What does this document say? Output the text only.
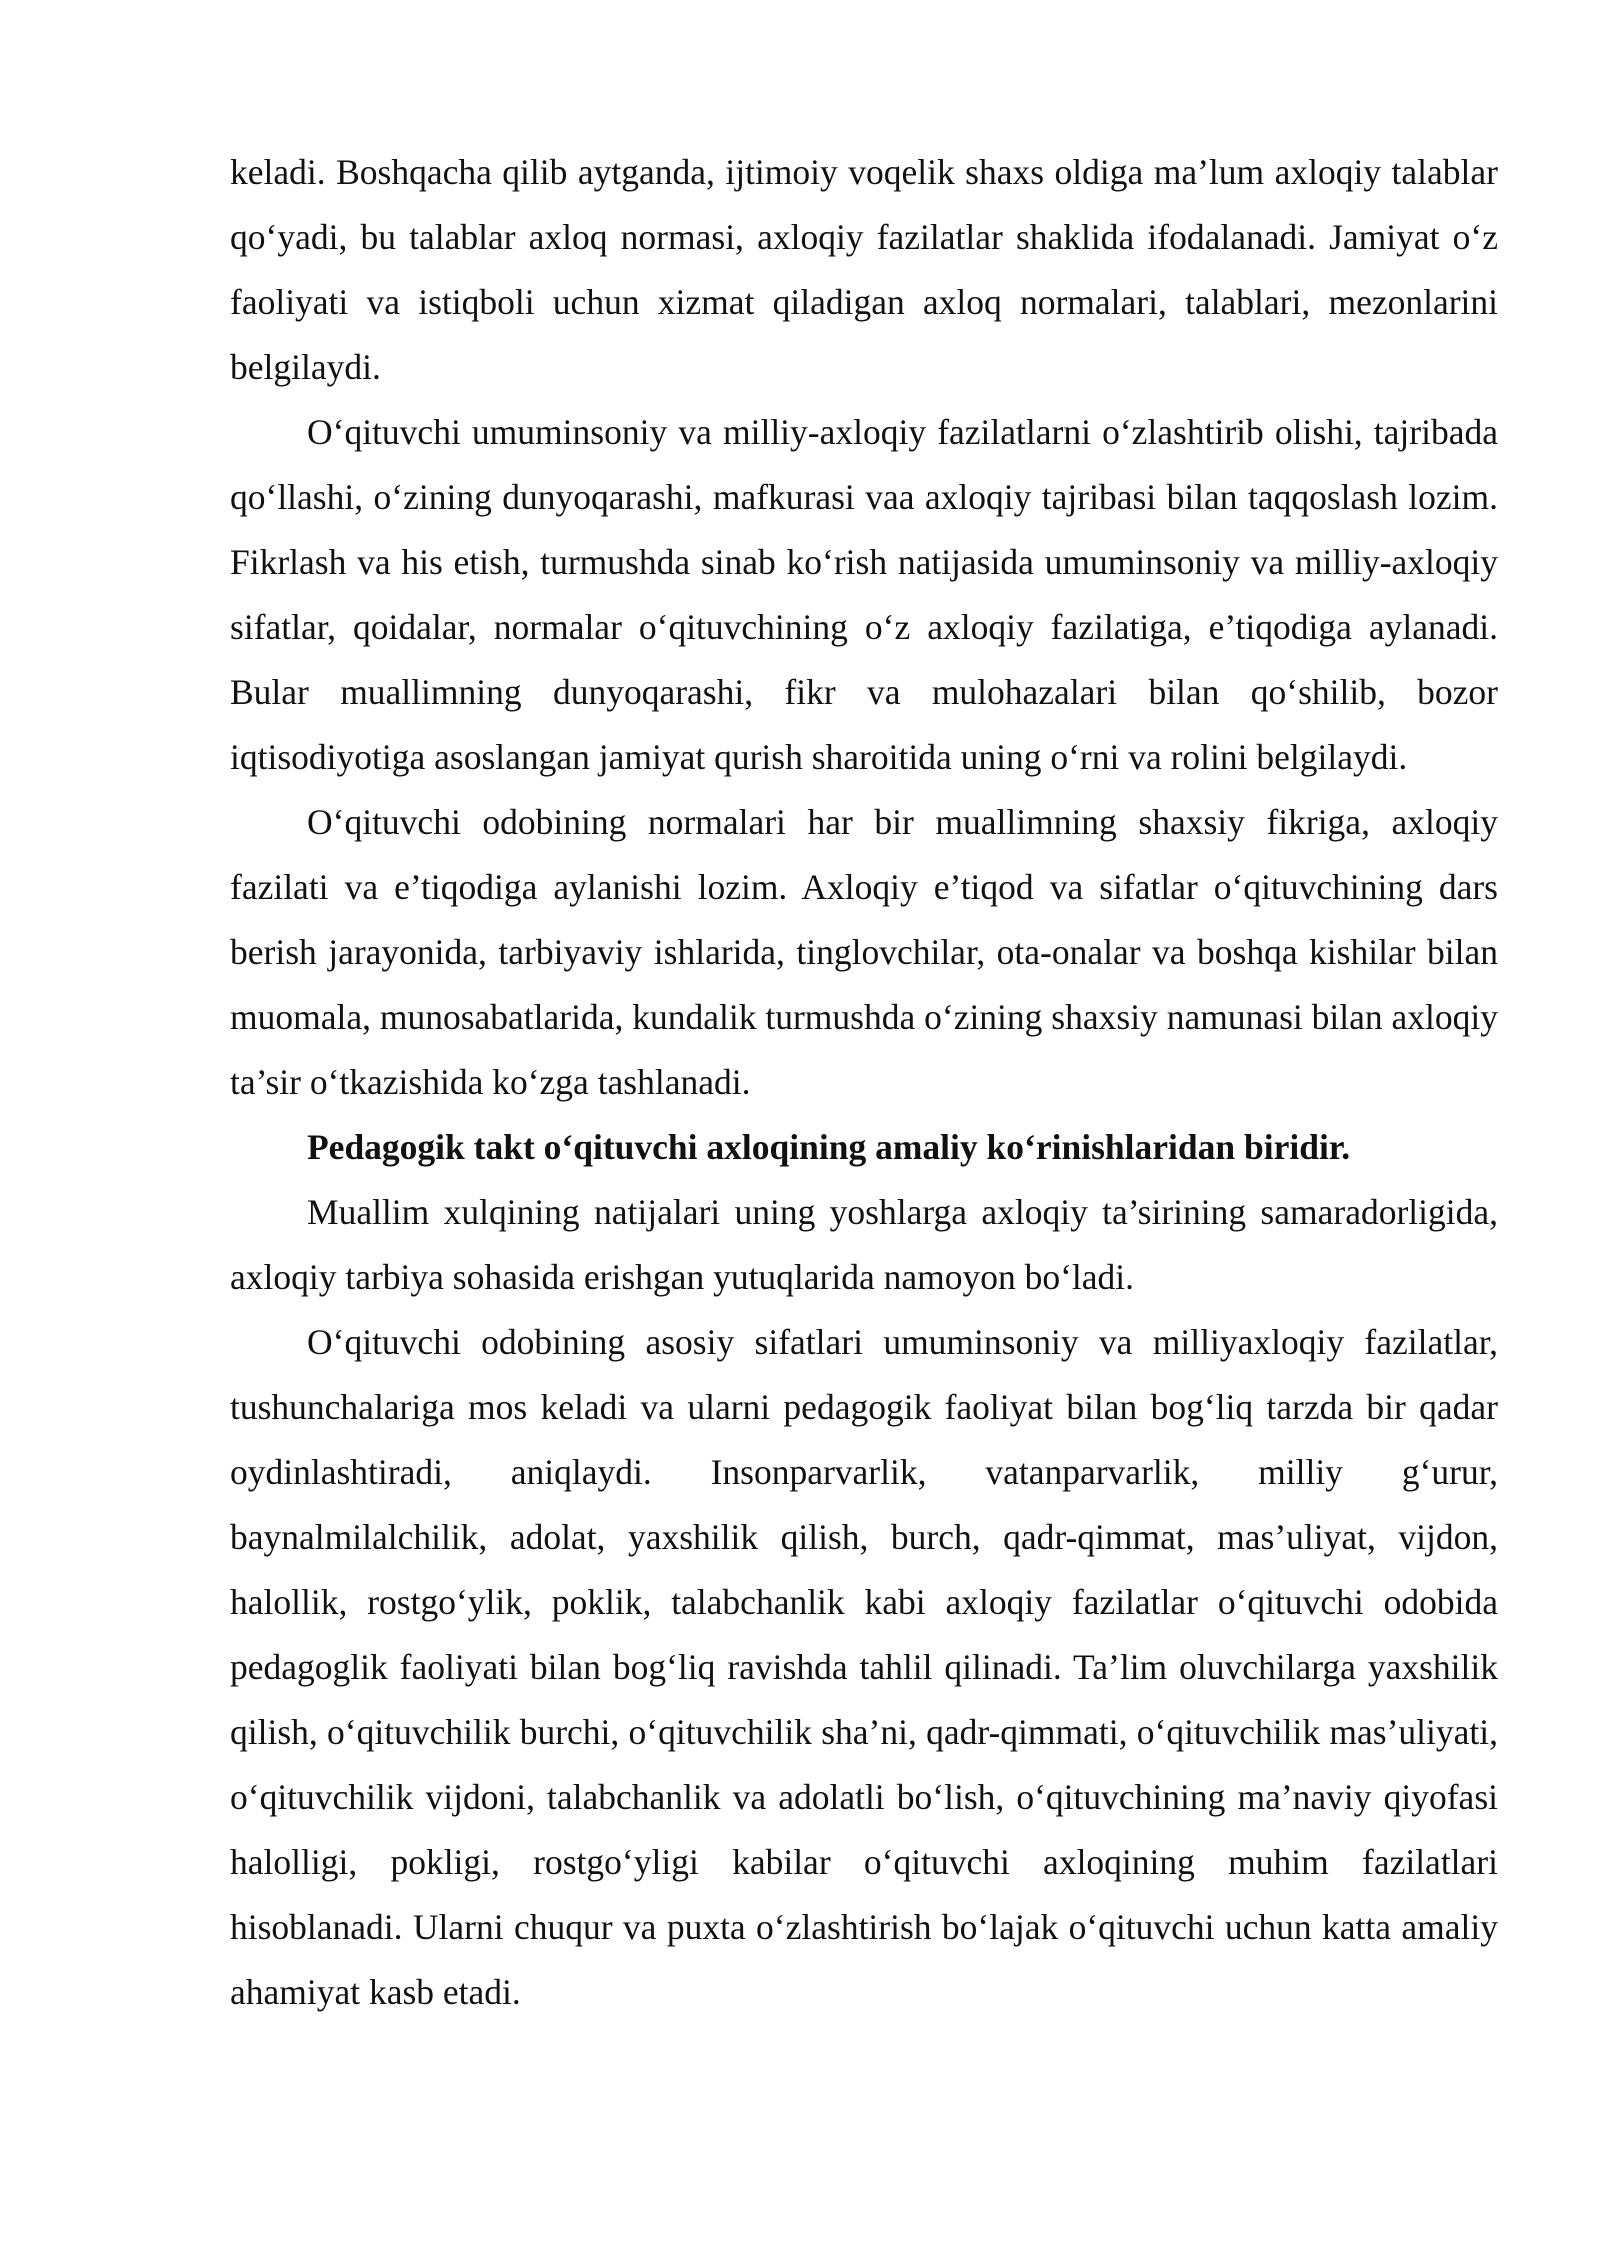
keladi. Boshqacha qilib aytganda, ijtimoiy voqelik shaxs oldiga ma’lum axloqiy talablar qo‘yadi, bu talablar axloq normasi, axloqiy fazilatlar shaklida ifodalanadi. Jamiyat o‘z faoliyati va istiqboli uchun xizmat qiladigan axloq normalari, talablari, mezonlarini belgilaydi.

O‘qituvchi umuminsoniy va milliy-axloqiy fazilatlarni o‘zlashtirib olishi, tajribada qo‘llashi, o‘zining dunyoqarashi, mafkurasi vaa axloqiy tajribasi bilan taqqoslash lozim. Fikrlash va his etish, turmushda sinab ko‘rish natijasida umuminsoniy va milliy-axloqiy sifatlar, qoidalar, normalar o‘qituvchining o‘z axloqiy fazilatiga, e’tiqodiga aylanadi. Bular muallimning dunyoqarashi, fikr va mulohazalari bilan qo‘shilib, bozor iqtisodiyotiga asoslangan jamiyat qurish sharoitida uning o‘rni va rolini belgilaydi.

O‘qituvchi odobining normalari har bir muallimning shaxsiy fikriga, axloqiy fazilati va e’tiqodiga aylanishi lozim. Axloqiy e’tiqod va sifatlar o‘qituvchining dars berish jarayonida, tarbiyaviy ishlarida, tinglovchilar, ota-onalar va boshqa kishilar bilan muomala, munosabatlarida, kundalik turmushda o‘zining shaxsiy namunasi bilan axloqiy ta’sir o‘tkazishida ko‘zga tashlanadi.

Pedagogik takt o‘qituvchi axloqining amaliy ko‘rinishlaridan biridir.

Muallim xulqining natijalari uning yoshlarga axloqiy ta’sirining samaradorligida, axloqiy tarbiya sohasida erishgan yutuqlarida namoyon bo‘ladi.

O‘qituvchi odobining asosiy sifatlari umuminsoniy va milliyaxloqiy fazilatlar, tushunchalariga mos keladi va ularni pedagogik faoliyat bilan bog‘liq tarzda bir qadar oydinlashtiradi, aniqlaydi. Insonparvarlik, vatanparvarlik, milliy g‘urur, baynalmilalchilik, adolat, yaxshilik qilish, burch, qadr-qimmat, mas’uliyat, vijdon, halollik, rostgo‘ylik, poklik, talabchanlik kabi axloqiy fazilatlar o‘qituvchi odobida pedagoglik faoliyati bilan bog‘liq ravishda tahlil qilinadi. Ta’lim oluvchilarga yaxshilik qilish, o‘qituvchilik burchi, o‘qituvchilik sha’ni, qadr-qimmati, o‘qituvchilik mas’uliyati, o‘qituvchilik vijdoni, talabchanlik va adolatli bo‘lish, o‘qituvchining ma’naviy qiyofasi halolligi, pokligi, rostgo‘yligi kabilar o‘qituvchi axloqining muhim fazilatlari hisoblanadi. Ularni chuqur va puxta o‘zlashtirish bo‘lajak o‘qituvchi uchun katta amaliy ahamiyat kasb etadi.
